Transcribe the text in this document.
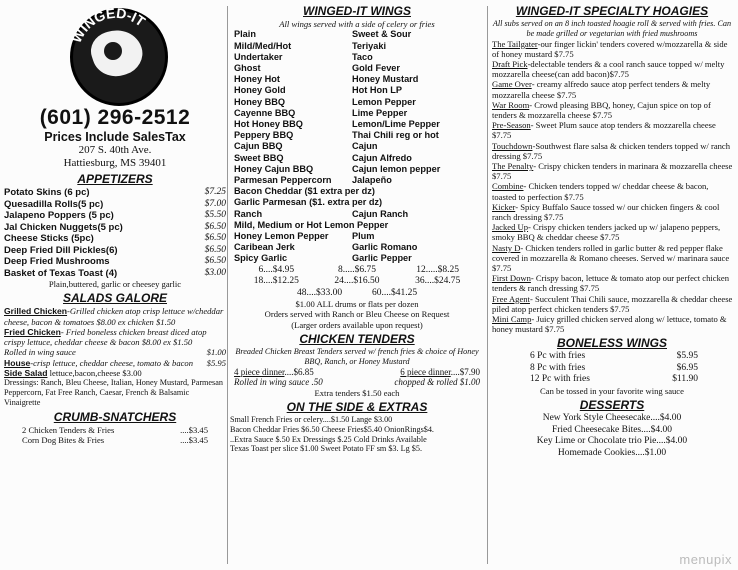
WINGED-IT
(601) 296-2512
Prices Include SalesTax
207 S. 40th Ave.
Hattiesburg, MS 39401
APPETIZERS
Potato Skins (6 pc)	$7.25
Quesadilla Rolls(5 pc)	$7.00
Jalapeno Poppers (5 pc)	$5.50
Jal Chicken Nuggets(5 pc)	$6.50
Cheese Sticks (5pc)	$6.50
Deep Fried Dill Pickles(6)	$6.50
Deep Fried Mushrooms	$6.50
Basket of Texas Toast (4)	$3.00
Plain,buttered, garlic or cheesey garlic
SALADS GALORE
Grilled Chicken-Grilled chicken atop crisp lettuce w/cheddar cheese, bacon & tomatoes $8.00 ex chicken $1.50
Fried Chicken- Fried boneless chicken breast diced atop crispy lettuce, cheddar cheese & bacon $8.00 ex $1.50
Rolled in wing sauce	$1.00
House-crisp lettuce, cheddar cheese, tomato & bacon $5.95
Side Salad lettuce,bacon,cheese $3.00
Dressings: Ranch, Bleu Cheese, Italian, Honey Mustard, Parmesan Peppercorn, Fat Free Ranch, Caesar, French & Balsamic Vinaigrette
CRUMB-SNATCHERS
2 Chicken Tenders & Fries	....$3.45
Corn Dog Bites & Fries	....$3.45
WINGED-IT WINGS
All wings served with a side of celery or fries
Plain	Sweet & Sour
Mild/Med/Hot	Teriyaki
Undertaker	Taco
Ghost	Gold Fever
Honey Hot	Honey Mustard
Honey Gold	Hot Hon LP
Honey BBQ	Lemon Pepper
Cayenne BBQ	Lime Pepper
Hot Honey BBQ	Lemon/Lime Pepper
Peppery BBQ	Thai Chili reg or hot
Cajun BBQ	Cajun
Sweet BBQ	Cajun Alfredo
Honey Cajun BBQ	Cajun lemon pepper
Parmesan Peppercorn	Jalapeño
Bacon Cheddar ($1 extra per dz)
Garlic Parmesan ($1. extra per dz)
Ranch	Cajun Ranch
Mild, Medium or Hot Lemon Pepper
Honey Lemon Pepper	Plum
Caribean Jerk	Garlic Romano
Spicy Garlic	Garlic Pepper
6....$4.95	8.....$6.75	12.....$8.25
18....$12.25	24....$16.50	36....$24.75
48....$33.00	60....$41.25
$1.00 ALL drums or flats per dozen
Orders served with Ranch or Bleu Cheese on Request
(Larger orders available upon request)
CHICKEN TENDERS
Breaded Chicken Breast Tenders served w/ french fries & choice of Honey BBQ, Ranch, or Honey Mustard
4 piece dinner....$6.85	6 piece dinner....$7.90
Rolled in wing sauce .50	chopped & rolled $1.00
Extra tenders $1.50 each
ON THE SIDE & EXTRAS
Small French Fries or celery....$1.50 Lange $3.00
Bacon Cheddar Fries $6.50 Cheese Fries$5.40 OnionRings$4.
..Extra Sauce $.50 Ex Dressings $.25 Cold Drinks Available
Texas Toast per slice $1.00 Sweet Potato FF sm $3. Lg $5.
WINGED-IT SPECIALTY HOAGIES
All subs served on an 8 inch toasted hoagie roll & served with fries. Can be made grilled or vegetarian with fried mushrooms
The Tailgater-our finger lickin' tenders covered w/mozzarella & side of honey mustard $7.75
Draft Pick-delectable tenders & a cool ranch sauce topped w/ melty mozzarella cheese(can add bacon)$7.75
Game Over- creamy alfredo sauce atop perfect tenders & melty mozzarella cheese $7.75
War Room- Crowd pleasing BBQ, honey, Cajun spice on top of tenders & mozzarella cheese $7.75
Pre-Season- Sweet Plum sauce atop tenders & mozzarella cheese $7.75
Touchdown-Southwest flare salsa & chicken tenders topped w/ ranch dressing $7.75
The Penalty- Crispy chicken tenders in marinara & mozzarella cheese $7.75
Combine- Chicken tenders topped w/ cheddar cheese & bacon, toasted to perfection $7.75
Kicker- Spicy Buffalo Sauce tossed w/ our chicken fingers & cool ranch dressing $7.75
Jacked Up- Crispy chicken tenders jacked up w/ jalapeno peppers, smoky BBQ & cheddar cheese $7.75
Nasty D- Chicken tenders rolled in garlic butter & red pepper flake covered in mozzarella & Romano cheeses. Served w/ marinara sauce $7.75
First Down- Crispy bacon, lettuce & tomato atop our perfect chicken tenders & ranch dressing $7.75
Free Agent- Succulent Thai Chili sauce, mozzarella & cheddar cheese piled atop perfect chicken tenders $7.75
Mini Camp- Juicy grilled chicken served along w/ lettuce, tomato & honey mustard $7.75
BONELESS WINGS
6 Pc with fries	$5.95
8 Pc with fries	$6.95
12 Pc with fries	$11.90
Can be tossed in your favorite wing sauce
DESSERTS
New York Style Cheesecake....$4.00
Fried Cheesecake Bites....$4.00
Key Lime or Chocolate trio Pie....$4.00
Homemade Cookies....$1.00
menupix
